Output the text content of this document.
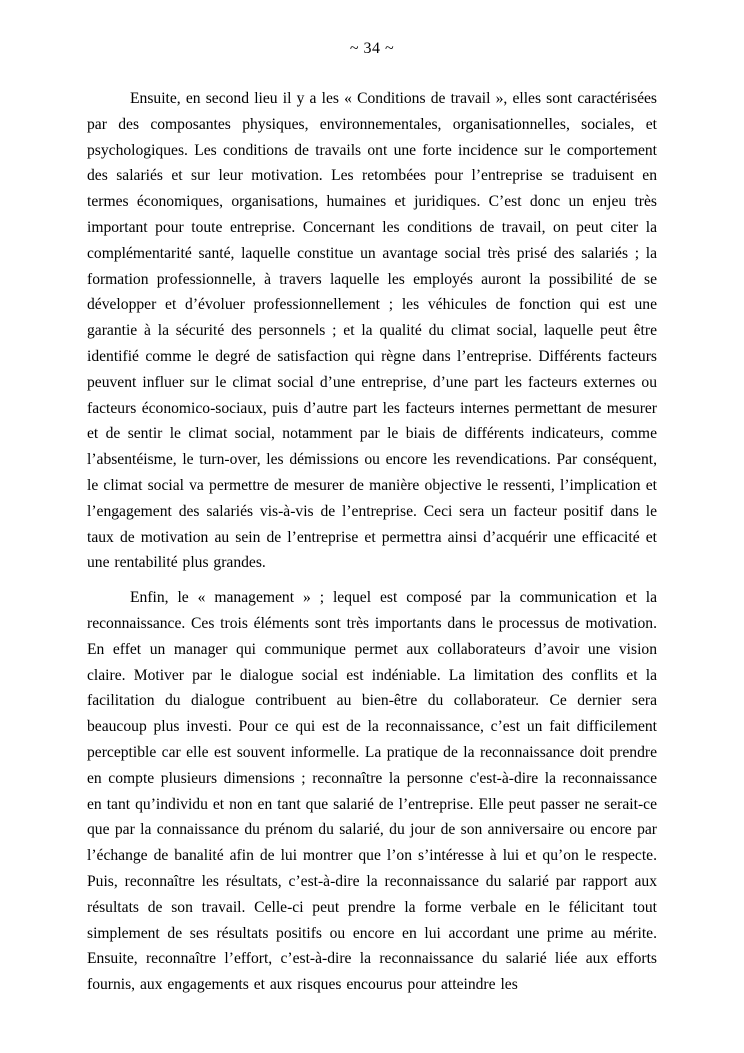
~ 34 ~

Ensuite, en second lieu il y a les « Conditions de travail », elles sont caractérisées par des composantes physiques, environnementales, organisationnelles, sociales, et psychologiques. Les conditions de travails ont une forte incidence sur le comportement des salariés et sur leur motivation. Les retombées pour l’entreprise se traduisent en termes économiques, organisations, humaines et juridiques. C’est donc un enjeu très important pour toute entreprise. Concernant les conditions de travail, on peut citer la complémentarité santé, laquelle constitue un avantage social très prisé des salariés ; la formation professionnelle, à travers laquelle les employés auront la possibilité de se développer et d’évoluer professionnellement ; les véhicules de fonction qui est une garantie à la sécurité des personnels ; et la qualité du climat social, laquelle peut être identifié comme le degré de satisfaction qui règne dans l’entreprise. Différents facteurs peuvent influer sur le climat social d’une entreprise, d’une part les facteurs externes ou facteurs économico-sociaux, puis d’autre part les facteurs internes permettant de mesurer et de sentir le climat social, notamment par le biais de différents indicateurs, comme l’absentéisme, le turn-over, les démissions ou encore les revendications. Par conséquent, le climat social va permettre de mesurer de manière objective le ressenti, l’implication et l’engagement des salariés vis-à-vis de l’entreprise. Ceci sera un facteur positif dans le taux de motivation au sein de l’entreprise et permettra ainsi d’acquérir une efficacité et une rentabilité plus grandes.

Enfin, le « management » ; lequel est composé par la communication et la reconnaissance. Ces trois éléments sont très importants dans le processus de motivation. En effet un manager qui communique permet aux collaborateurs d’avoir une vision claire. Motiver par le dialogue social est indéniable. La limitation des conflits et la facilitation du dialogue contribuent au bien-être du collaborateur. Ce dernier sera beaucoup plus investi. Pour ce qui est de la reconnaissance, c’est un fait difficilement perceptible car elle est souvent informelle. La pratique de la reconnaissance doit prendre en compte plusieurs dimensions ; reconnaître la personne c'est-à-dire la reconnaissance en tant qu’individu et non en tant que salarié de l’entreprise. Elle peut passer ne serait-ce que par la connaissance du prénom du salarié, du jour de son anniversaire ou encore par l’échange de banalité afin de lui montrer que l’on s’intéresse à lui et qu’on le respecte. Puis, reconnaître les résultats, c’est-à-dire la reconnaissance du salarié par rapport aux résultats de son travail. Celle-ci peut prendre la forme verbale en le félicitant tout simplement de ses résultats positifs ou encore en lui accordant une prime au mérite. Ensuite, reconnaître l’effort, c’est-à-dire la reconnaissance du salarié liée aux efforts fournis, aux engagements et aux risques encourus pour atteindre les
